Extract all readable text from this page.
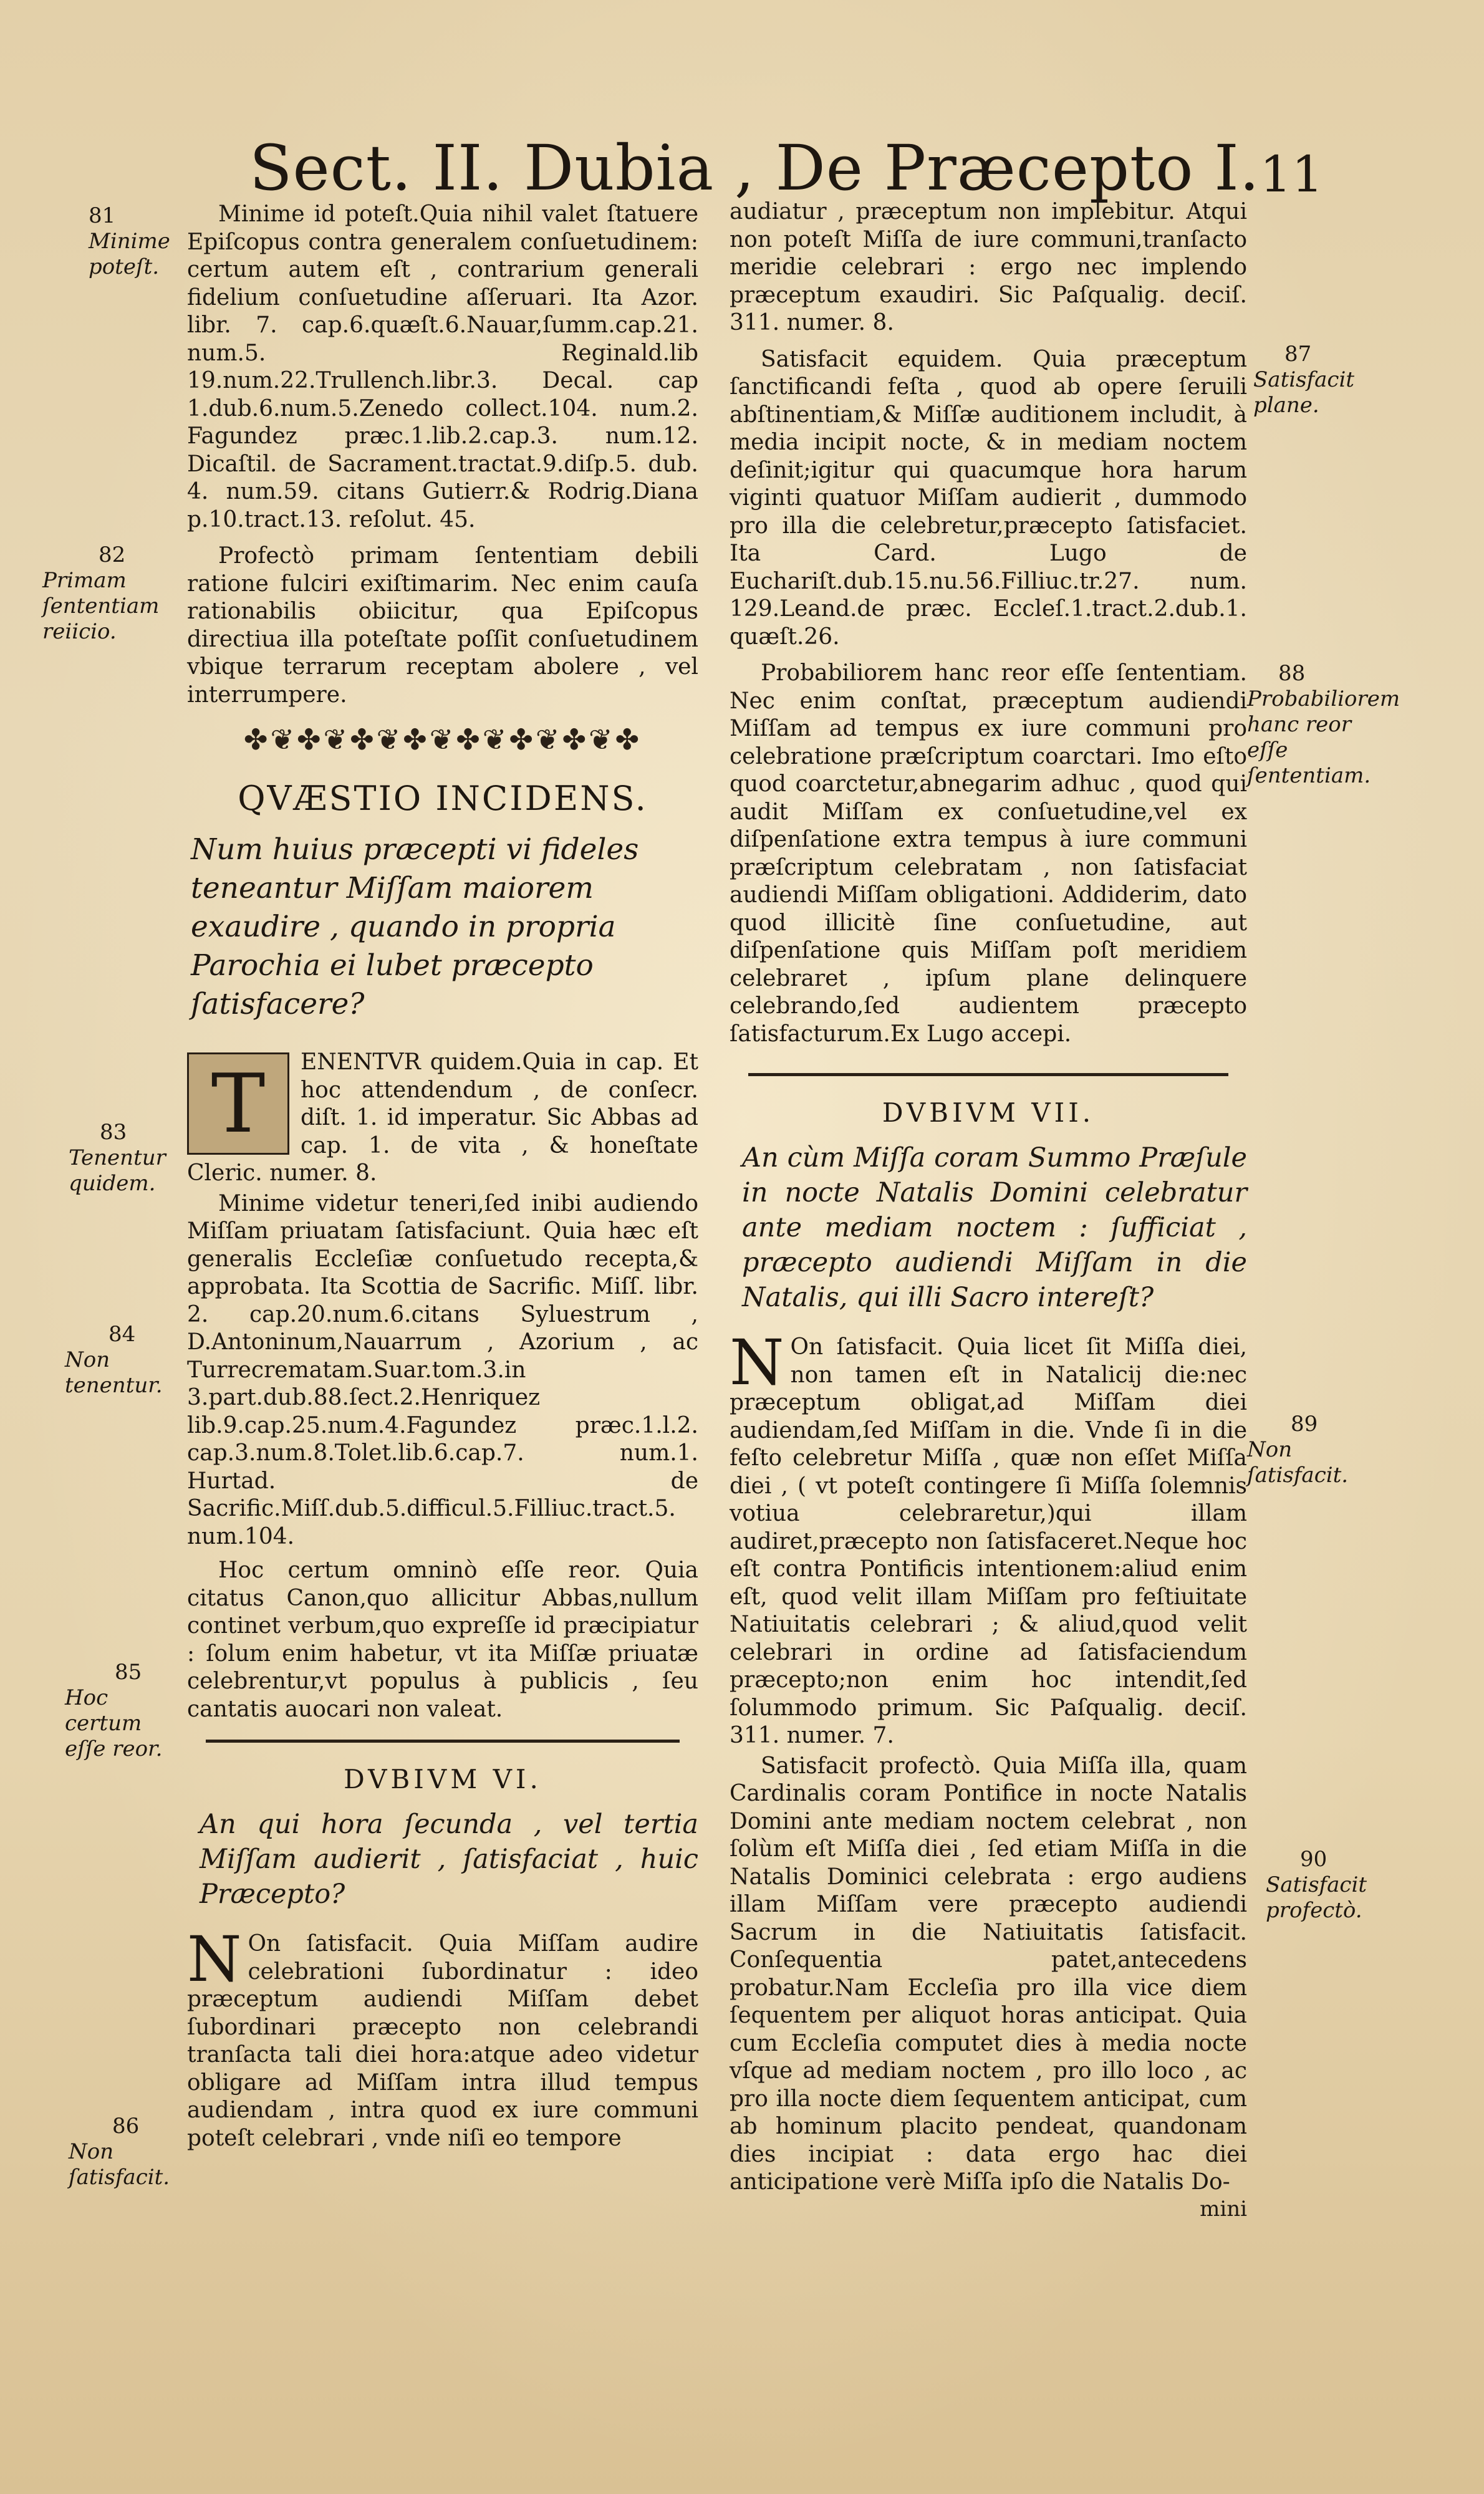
Sect. II. Dubia , De Præcepto I. 11
81
Minime poteſt.
82
Primam ſententiam reiicio.
83
Tenentur quidem.
84
Non tenentur.
85
Hoc certum eſſe reor.
86
Non ſatisfacit.
87
Satisfacit plane.
88
Probabiliorem hanc reor eſſe ſententiam.
89
Non ſatisfacit.
90
Satisfacit profectò.

Minime id poteſt.Quia nihil valet ſtatuere Epiſcopus contra generalem conſuetudinem: certum autem eſt , contrarium generali fidelium conſuetudine aſſeruari. Ita Azor. libr. 7. cap.6.quæſt.6.Nauar,ſumm.cap.21. num.5. Reginald.lib 19.num.22.Trullench.libr.3. Decal. cap 1.dub.6.num.5.Zenedo collect.104. num.2. Fagundez præc.1.lib.2.cap.3. num.12. Dicaſtil. de Sacrament.tractat.9.diſp.5. dub. 4. num.59. citans Gutierr.& Rodrig.Diana p.10.tract.13. reſolut. 45.

Profectò primam ſententiam debili ratione fulciri exiſtimarim. Nec enim cauſa rationabilis obiicitur, qua Epiſcopus directiua illa poteſtate poſſit conſuetudinem vbique terrarum receptam abolere , vel interrumpere.

✤❦✤❦✤❦✤❦✤❦✤❦✤❦✤
QVÆSTIO INCIDENS.

Num huius præcepti vi fideles teneantur Miſſam maiorem exaudire , quando in propria Parochia ei lubet præcepto ſatisfacere?

T	ENENTVR quidem.Quia in cap. Et hoc attendendum , de conſecr. diſt. 1. id imperatur. Sic Abbas ad cap. 1. de vita , & honeſtate Cleric. numer. 8.

Minime videtur teneri,ſed inibi audiendo Miſſam priuatam ſatisfaciunt. Quia hæc eſt generalis Eccleſiæ conſuetudo recepta,& approbata. Ita Scottia de Sacrific. Miſſ. libr. 2. cap.20.num.6.citans Syluestrum , D.Antoninum,Nauarrum , Azorium , ac Turrecrematam.Suar.tom.3.in 3.part.dub.88.ſect.2.Henriquez lib.9.cap.25.num.4.Fagundez præc.1.l.2. cap.3.num.8.Tolet.lib.6.cap.7. num.1. Hurtad. de Sacrific.Miſſ.dub.5.difficul.5.Filliuc.tract.5. num.104.

Hoc certum omninò eſſe reor. Quia citatus Canon,quo allicitur Abbas,nullum continet verbum,quo expreſſe id præcipiatur : ſolum enim habetur, vt ita Miſſæ priuatæ celebrentur,vt populus à publicis , ſeu cantatis auocari non valeat.

DVBIVM VI.

An qui hora ſecunda , vel tertia Miſſam audierit , ſatisfaciat , huic Præcepto?

N On ſatisfacit. Quia Miſſam audire celebrationi ſubordinatur : ideo præceptum audiendi Miſſam debet ſubordinari præcepto non celebrandi tranſacta tali diei hora:atque adeo videtur obligare ad Miſſam intra illud tempus audiendam , intra quod ex iure communi poteſt celebrari , vnde niſi eo tempore

audiatur , præceptum non implebitur. Atqui non poteſt Miſſa de iure communi,tranſacto meridie celebrari : ergo nec implendo præceptum exaudiri. Sic Paſqualig. deciſ. 311. numer. 8.

Satisfacit equidem. Quia præceptum ſanctificandi feſta , quod ab opere ſeruili abſtinentiam,& Miſſæ auditionem includit, à media incipit nocte, & in mediam noctem deſinit;igitur qui quacumque hora harum viginti quatuor Miſſam audierit , dummodo pro illa die celebretur,præcepto ſatisfaciet. Ita Card. Lugo de Euchariſt.dub.15.nu.56.Filliuc.tr.27. num. 129.Leand.de præc. Eccleſ.1.tract.2.dub.1. quæſt.26.

Probabiliorem hanc reor eſſe ſententiam. Nec enim conſtat, præceptum audiendi Miſſam ad tempus ex iure communi pro celebratione præſcriptum coarctari. Imo eſto quod coarctetur,abnegarim adhuc , quod qui audit Miſſam ex conſuetudine,vel ex diſpenſatione extra tempus à iure communi præſcriptum celebratam , non ſatisfaciat audiendi Miſſam obligationi. Addiderim, dato quod illicitè ſine conſuetudine, aut diſpenſatione quis Miſſam poſt meridiem celebraret , ipſum plane delinquere celebrando,ſed audientem præcepto ſatisfacturum.Ex Lugo accepi.

DVBIVM VII.

An cùm Miſſa coram Summo Præſule in nocte Natalis Domini celebratur ante mediam noctem : ſufficiat , præcepto audiendi Miſſam in die Natalis, qui illi Sacro intereſt?

N On ſatisfacit. Quia licet ſit Miſſa diei, non tamen eſt in Natalicij die:nec præceptum obligat,ad Miſſam diei audiendam,ſed Miſſam in die. Vnde ſi in die feſto celebretur Miſſa , quæ non eſſet Miſſa diei , ( vt poteſt contingere ſi Miſſa ſolemnis votiua celebraretur,)qui illam audiret,præcepto non ſatisfaceret.Neque hoc eſt contra Pontificis intentionem:aliud enim eſt, quod velit illam Miſſam pro feſtiuitate Natiuitatis celebrari ; & aliud,quod velit celebrari in ordine ad ſatisfaciendum præcepto;non enim hoc intendit,ſed ſolummodo primum. Sic Paſqualig. deciſ. 311. numer. 7.

Satisfacit profectò. Quia Miſſa illa, quam Cardinalis coram Pontifice in nocte Natalis Domini ante mediam noctem celebrat , non ſolùm eſt Miſſa diei , ſed etiam Miſſa in die Natalis Dominici celebrata : ergo audiens illam Miſſam vere præcepto audiendi Sacrum in die Natiuitatis ſatisfacit. Conſequentia patet,antecedens probatur.Nam Eccleſia pro illa vice diem ſequentem per aliquot horas anticipat. Quia cum Eccleſia computet dies à media nocte vſque ad mediam noctem , pro illo loco , ac pro illa nocte diem ſequentem anticipat, cum ab hominum placito pendeat, quandonam dies incipiat : data ergo hac diei anticipatione verè Miſſa ipſo die Natalis Do-

mini
